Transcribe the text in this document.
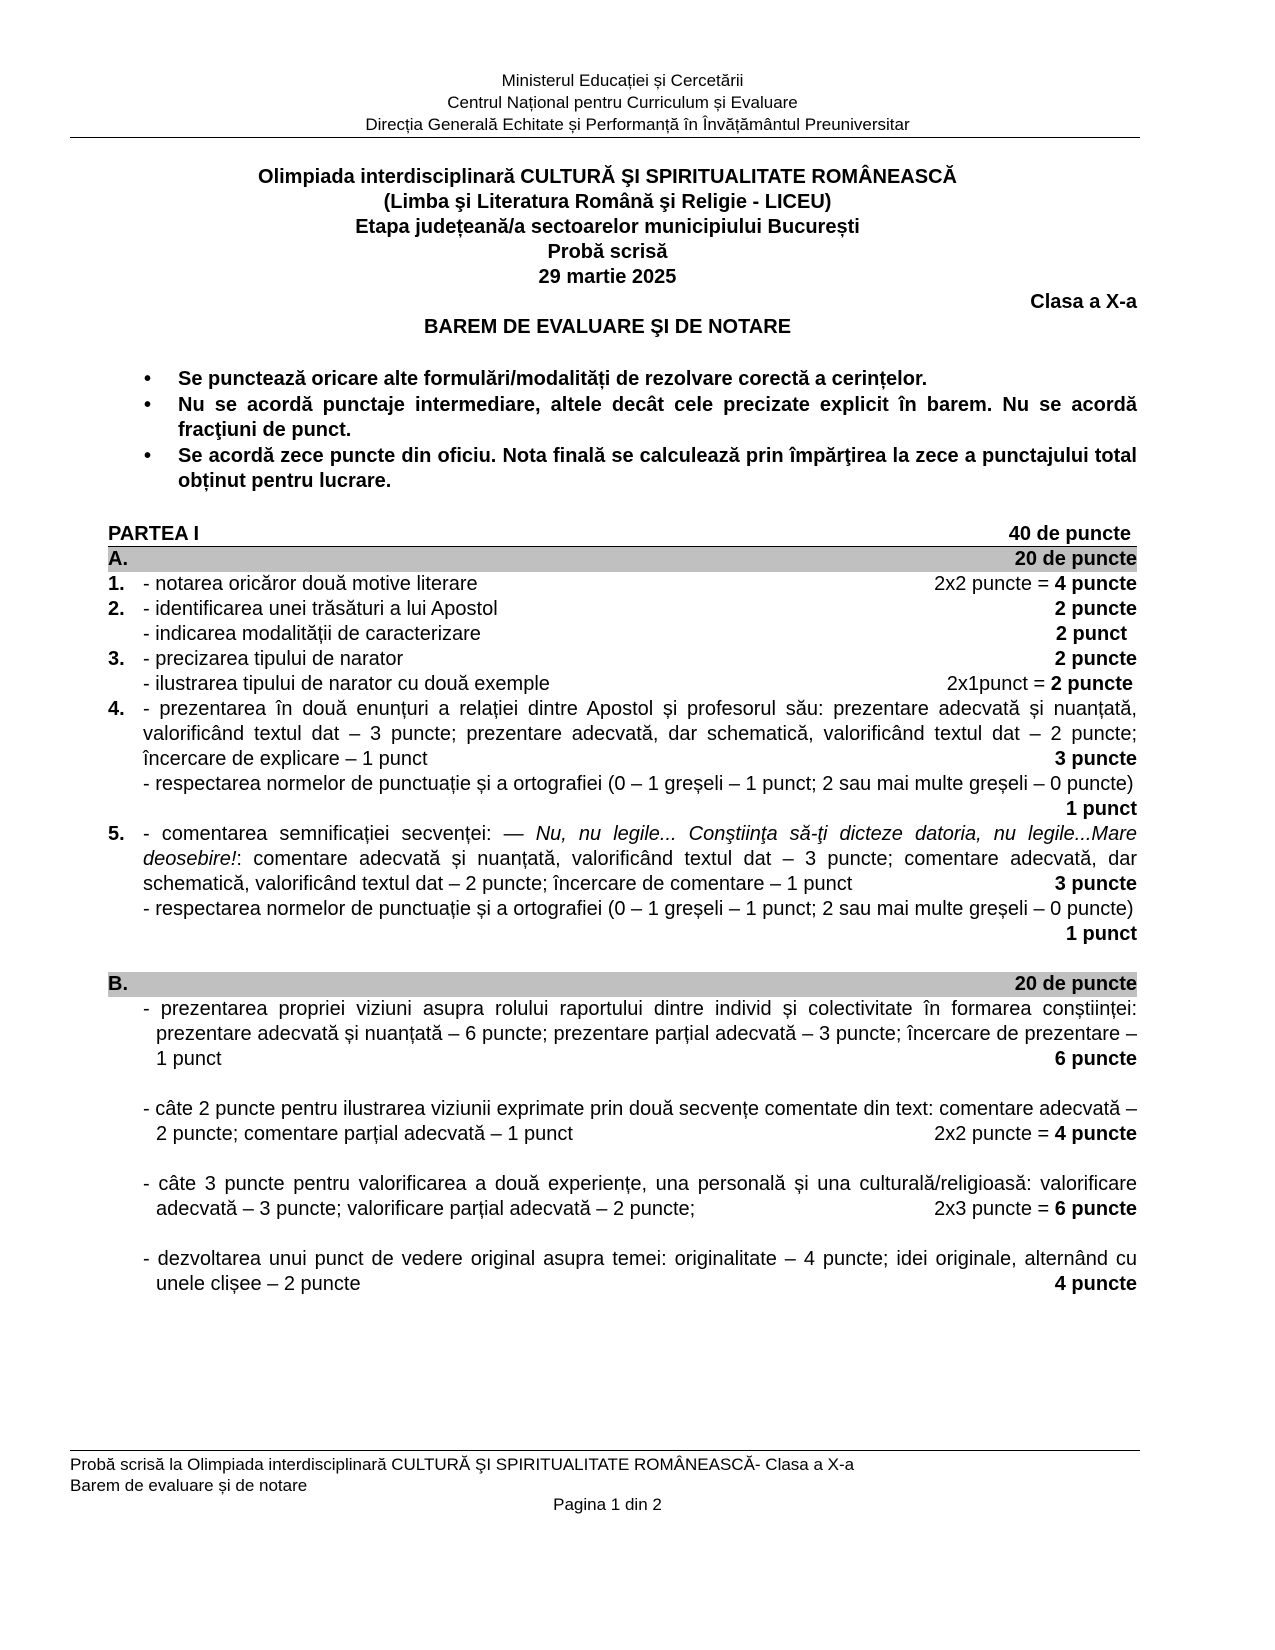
Ministerul Educației și Cercetării
Centrul Național pentru Curriculum și Evaluare
Direcția Generală Echitate și Performanță în Învățământul Preuniversitar
Olimpiada interdisciplinară CULTURĂ ŞI SPIRITUALITATE ROMÂNEASCĂ
(Limba şi Literatura Română şi Religie - LICEU)
Etapa județeană/a sectoarelor municipiului București
Probă scrisă
29 martie 2025
Clasa a X-a
BAREM DE EVALUARE ŞI DE NOTARE
• Se punctează oricare alte formulări/modalități de rezolvare corectă a cerințelor.
• Nu se acordă punctaje intermediare, altele decât cele precizate explicit în barem. Nu se acordă fracţiuni de punct.
• Se acordă zece puncte din oficiu. Nota finală se calculează prin împărţirea la zece a punctajului total obținut pentru lucrare.
PARTEA I	40 de puncte
A.	20 de puncte
1. - notarea oricăror două motive literare	2x2 puncte = 4 puncte
2. - identificarea unei trăsături a lui Apostol	2 puncte
- indicarea modalității de caracterizare	2 punct
3. - precizarea tipului de narator	2 puncte
- ilustrarea tipului de narator cu două exemple	2x1punct = 2 puncte
4. - prezentarea în două enunțuri a relației dintre Apostol și profesorul său: prezentare adecvată și nuanțată, valorificând textul dat – 3 puncte; prezentare adecvată, dar schematică, valorificând textul dat – 2 puncte; încercare de explicare – 1 punct	3 puncte
- respectarea normelor de punctuație și a ortografiei (0 – 1 greșeli – 1 punct; 2 sau mai multe greșeli – 0 puncte)
1 punct
5. - comentarea semnificației secvenței: — Nu, nu legile... Conştiinţa să-ţi dicteze datoria, nu legile...Mare deosebire!: comentare adecvată și nuanțată, valorificând textul dat – 3 puncte; comentare adecvată, dar schematică, valorificând textul dat – 2 puncte; încercare de comentare – 1 punct	3 puncte
- respectarea normelor de punctuație și a ortografiei (0 – 1 greșeli – 1 punct; 2 sau mai multe greșeli – 0 puncte)
1 punct
B.	20 de puncte
- prezentarea propriei viziuni asupra rolului raportului dintre individ și colectivitate în formarea conștiinței: prezentare adecvată și nuanțată – 6 puncte; prezentare parțial adecvată – 3 puncte; încercare de prezentare – 1 punct	6 puncte
- câte 2 puncte pentru ilustrarea viziunii exprimate prin două secvențe comentate din text: comentare adecvată – 2 puncte; comentare parțial adecvată – 1 punct	2x2 puncte = 4 puncte
- câte 3 puncte pentru valorificarea a două experiențe, una personală și una culturală/religioasă: valorificare adecvată – 3 puncte; valorificare parțial adecvată – 2 puncte;	2x3 puncte = 6 puncte
- dezvoltarea unui punct de vedere original asupra temei: originalitate – 4 puncte; idei originale, alternând cu unele clișee – 2 puncte	4 puncte
Probă scrisă la Olimpiada interdisciplinară CULTURĂ ŞI SPIRITUALITATE ROMÂNEASCĂ- Clasa a X-a
Barem de evaluare și de notare
Pagina 1 din 2
